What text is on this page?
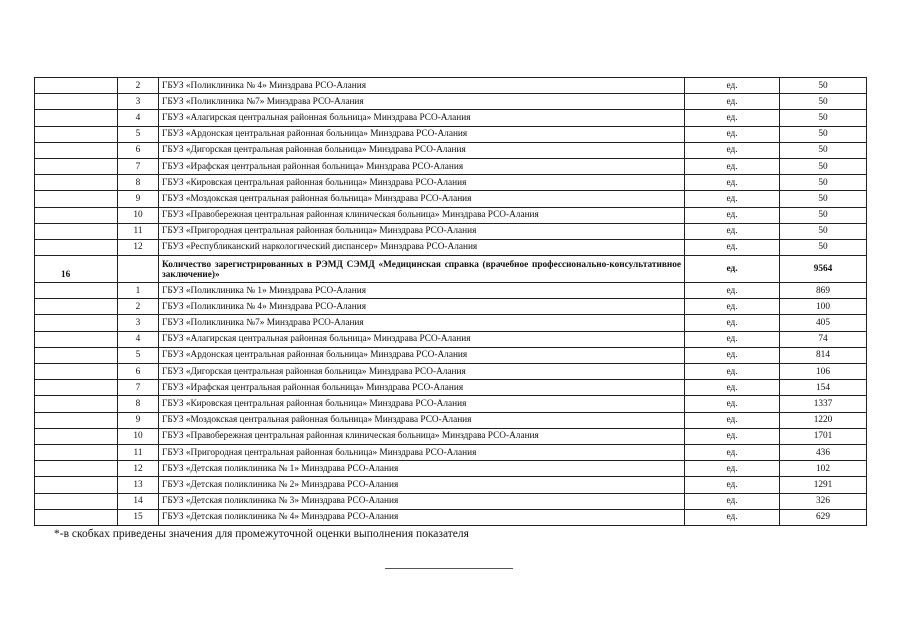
	2	ГБУЗ «Поликлиника № 4» Минздрава РСО-Алания	ед.	50
	3	ГБУЗ «Поликлиника №7» Минздрава РСО-Алания	ед.	50
	4	ГБУЗ «Алагирская центральная районная больница» Минздрава РСО-Алания	ед.	50
	5	ГБУЗ «Ардонская центральная районная больница» Минздрава РСО-Алания	ед.	50
	6	ГБУЗ «Дигорская центральная районная больница» Минздрава РСО-Алания	ед.	50
	7	ГБУЗ «Ирафская центральная районная больница» Минздрава РСО-Алания	ед.	50
	8	ГБУЗ «Кировская центральная районная больница» Минздрава РСО-Алания	ед.	50
	9	ГБУЗ «Моздокская центральная районная больница» Минздрава РСО-Алания	ед.	50
	10	ГБУЗ «Правобережная центральная районная клиническая больница» Минздрава РСО-Алания	ед.	50
	11	ГБУЗ «Пригородная центральная районная больница» Минздрава РСО-Алания	ед.	50
	12	ГБУЗ «Республиканский наркологический диспансер» Минздрава РСО-Алания	ед.	50
16		Количество зарегистрированных в РЭМД СЭМД «Медицинская справка (врачебное профессионально-консультативное заключение)»	ед.	9564
	1	ГБУЗ «Поликлиника № 1» Минздрава РСО-Алания	ед.	869
	2	ГБУЗ «Поликлиника № 4» Минздрава РСО-Алания	ед.	100
	3	ГБУЗ «Поликлиника №7» Минздрава РСО-Алания	ед.	405
	4	ГБУЗ «Алагирская центральная районная больница» Минздрава РСО-Алания	ед.	74
	5	ГБУЗ «Ардонская центральная районная больница» Минздрава РСО-Алания	ед.	814
	6	ГБУЗ «Дигорская центральная районная больница» Минздрава РСО-Алания	ед.	106
	7	ГБУЗ «Ирафская центральная районная больница» Минздрава РСО-Алания	ед.	154
	8	ГБУЗ «Кировская центральная районная больница» Минздрава РСО-Алания	ед.	1337
	9	ГБУЗ «Моздокская центральная районная больница» Минздрава РСО-Алания	ед.	1220
	10	ГБУЗ «Правобережная центральная районная клиническая больница» Минздрава РСО-Алания	ед.	1701
	11	ГБУЗ «Пригородная центральная районная больница» Минздрава РСО-Алания	ед.	436
	12	ГБУЗ «Детская поликлиника № 1» Минздрава РСО-Алания	ед.	102
	13	ГБУЗ «Детская поликлиника № 2» Минздрава РСО-Алания	ед.	1291
	14	ГБУЗ «Детская поликлиника № 3» Минздрава РСО-Алания	ед.	326
	15	ГБУЗ «Детская поликлиника № 4» Минздрава РСО-Алания	ед.	629
*-в скобках приведены значения для промежуточной оценки выполнения показателя
